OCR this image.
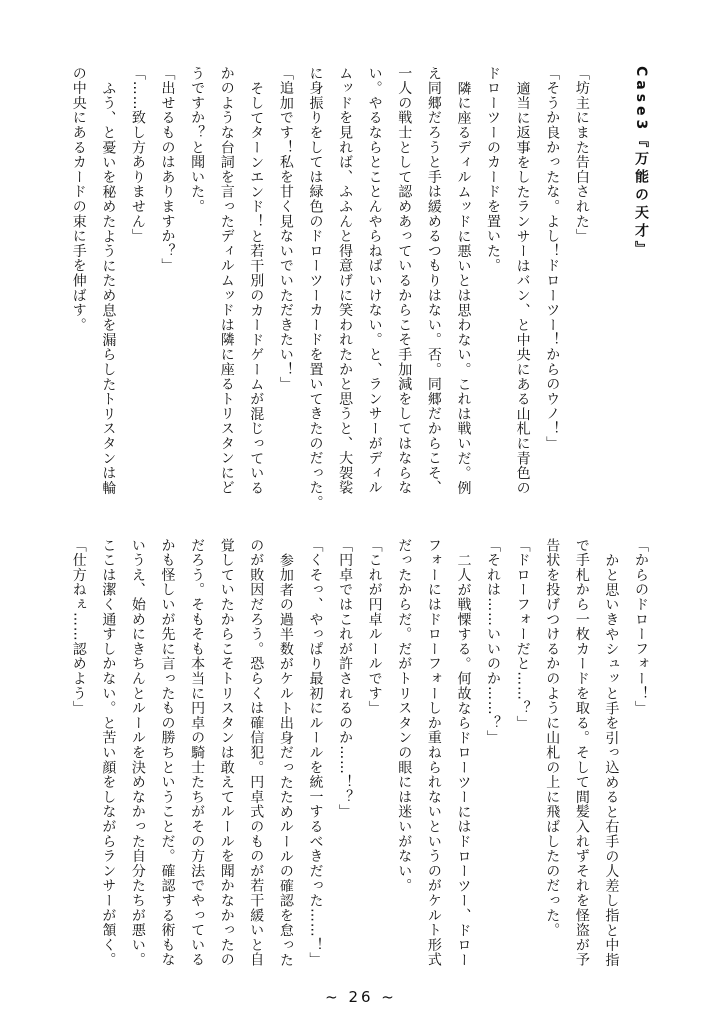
Case3『万能の天才』

「坊主にまた告白された」

「そうか良かったな。よし！ドローツー！からのウノ！」

適当に返事をしたランサーはバン、と中央にある山札に青色の

ドローツーのカードを置いた。

隣に座るディルムッドに悪いとは思わない。これは戦いだ。例

え同郷だろうと手は緩めるつもりはない。否。同郷だからこそ、

一人の戦士として認めあっているからこそ手加減をしてはならな

い。やるならとことんやらねばいけない。と、ランサーがディル

ムッドを見れば、ふふんと得意げに笑われたかと思うと、大袈裟

に身振りをしては緑色のドローツーカードを置いてきたのだった。

「追加です！私を甘く見ないでいただきたい！」

そしてターンエンド！と若干別のカードゲームが混じっている

かのような台詞を言ったディルムッドは隣に座るトリスタンにど

うですか？と聞いた。

「出せるものはありますか？」

「……致し方ありません」

ふう、と憂いを秘めたようにため息を漏らしたトリスタンは輪

の中央にあるカードの束に手を伸ばす。

「からのドローフォー！」

かと思いきやシュッと手を引っ込めると右手の人差し指と中指

で手札から一枚カードを取る。そして間髪入れずそれを怪盗が予

告状を投げつけるかのように山札の上に飛ばしたのだった。

「ドローフォーだと……？」

「それは……いいのか……？」

二人が戦慄する。何故ならドローツーにはドローツー、ドロー

フォーにはドローフォーしか重ねられないというのがケルト形式

だったからだ。だがトリスタンの眼には迷いがない。

「これが円卓ルールです」

「円卓ではこれが許されるのか……！？」

「くそっ、やっぱり最初にルールを統一するべきだった……！」

参加者の過半数がケルト出身だったためルールの確認を怠った

のが敗因だろう。恐らくは確信犯。円卓式のものが若干緩いと自

覚していたからこそトリスタンは敢えてルールを聞かなかったの

だろう。そもそも本当に円卓の騎士たちがその方法でやっている

かも怪しいが先に言ったもの勝ちということだ。確認する術もな

いうえ、始めにきちんとルールを決めなかった自分たちが悪い。

ここは潔く通すしかない。と苦い顔をしながらランサーが頷く。

「仕方ねぇ……認めよう」

~ 26 ~
